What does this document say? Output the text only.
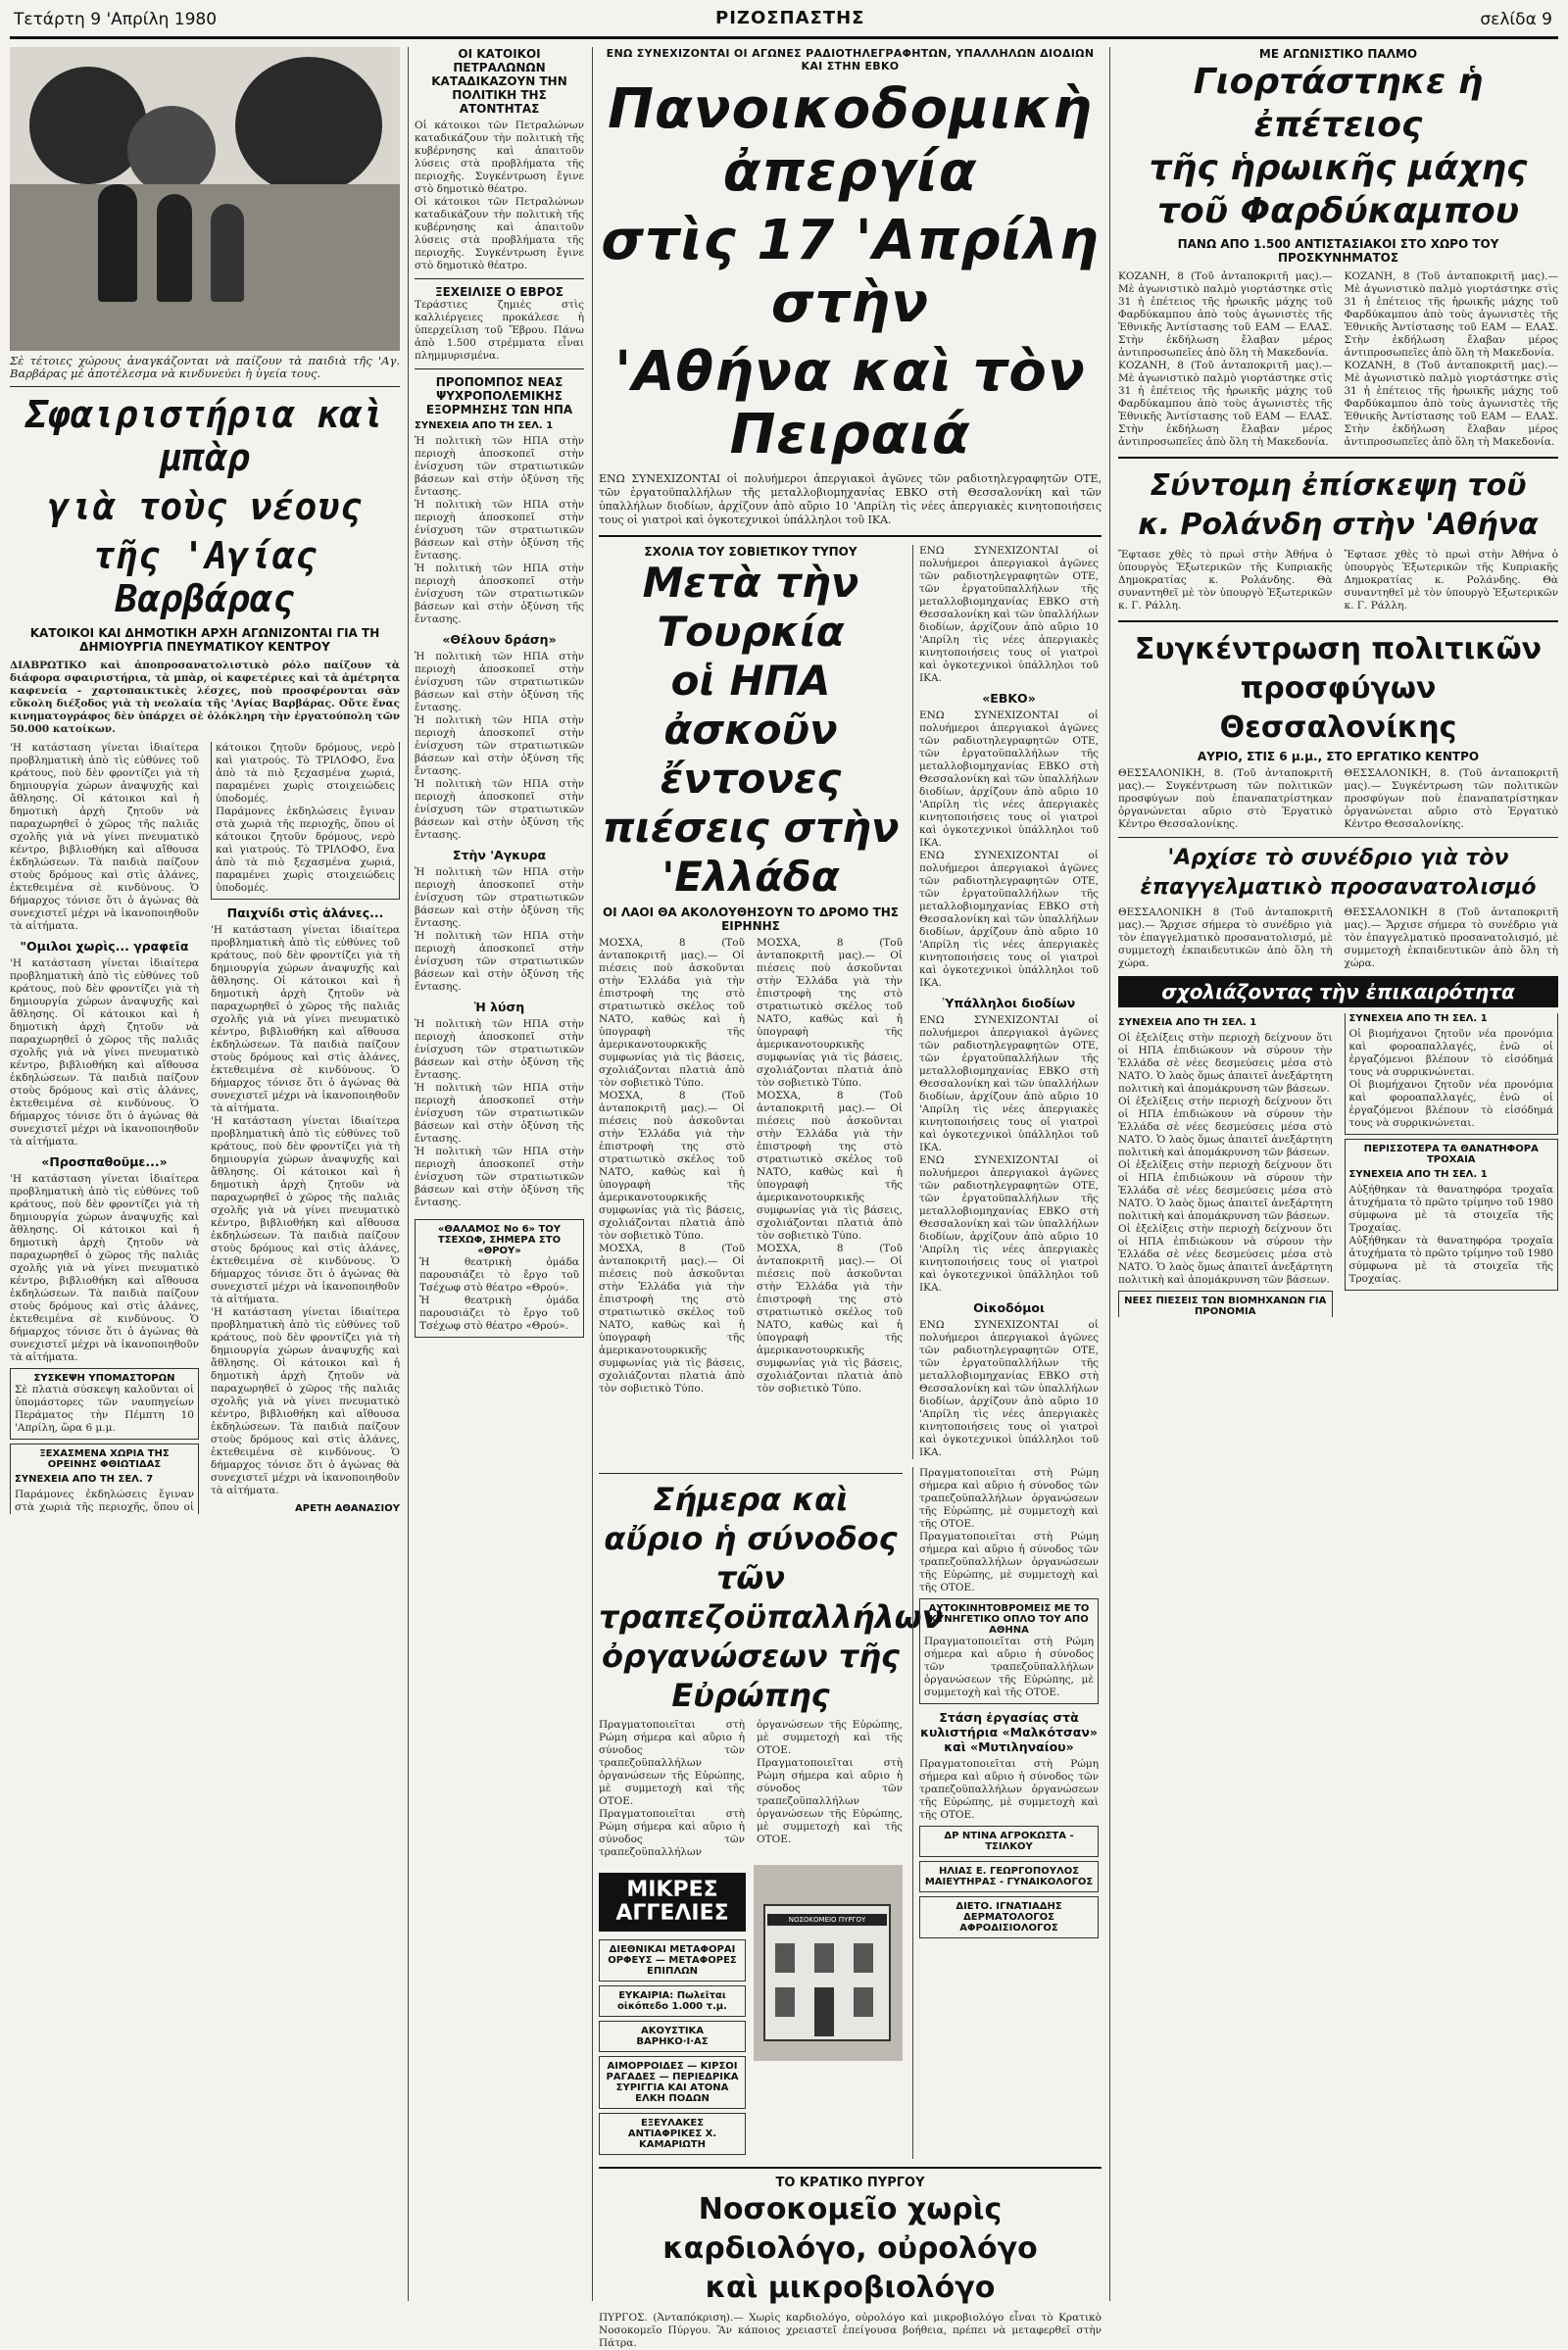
Τετάρτη 9 'Απρίλη 1980	ΡΙΖΟΣΠΑΣΤΗΣ	σελίδα 9
Σὲ τέτοιες χώρους ἀναγκάζονται νὰ παίζουν τὰ παιδιὰ τῆς 'Αγ. Βαρβάρας μὲ ἀποτέλεσμα νὰ κινδυνεύει ἡ ὑγεία τους.
Σφαιριστήρια καὶ μπὰρ
γιὰ τοὺς νέους
τῆς 'Αγίας Βαρβάρας
ΚΑΤΟΙΚΟΙ ΚΑΙ ΔΗΜΟΤΙΚΗ ΑΡΧΗ ΑΓΩΝΙΖΟΝΤΑΙ ΓΙΑ ΤΗ ΔΗΜΙΟΥΡΓΙΑ ΠΝΕΥΜΑΤΙΚΟΥ ΚΕΝΤΡΟΥ
ΔΙΑΒΡΩΤΙΚΟ καὶ ἀποπροσανατολιστικὸ ρόλο παίζουν τὰ διάφορα σφαιριστήρια, τὰ μπὰρ, οἱ καφετέριες καὶ τὰ ἀμέτρητα καφενεία - χαρτοπαικτικὲς λέσχες, ποὺ προσφέρονται σὰν εὔκολη διέξοδος γιὰ τὴ νεολαία τῆς 'Αγίας Βαρβάρας. Οὔτε ἕνας κινηματογράφος δὲν ὑπάρχει σὲ ὁλόκληρη τὴν ἐργατούπολη τῶν 50.000 κατοίκων.
'Η κατάσταση γίνεται ἰδιαίτερα προβληματικὴ ἀπὸ τὶς εὐθύνες τοῦ κράτους, ποὺ δὲν φροντίζει γιὰ τὴ δημιουργία χώρων ἀναψυχῆς καὶ ἄθλησης. Οἱ κάτοικοι καὶ ἡ δημοτικὴ ἀρχὴ ζητοῦν νὰ παραχωρηθεῖ ὁ χῶρος τῆς παλιᾶς σχολῆς γιὰ νὰ γίνει πνευματικὸ κέντρο, βιβλιοθήκη καὶ αἴθουσα ἐκδηλώσεων. Τὰ παιδιὰ παίζουν στοὺς δρόμους καὶ στὶς ἀλάνες, ἐκτεθειμένα σὲ κινδύνους. Ὁ δήμαρχος τόνισε ὅτι ὁ ἀγώνας θὰ συνεχιστεῖ μέχρι νὰ ἱκανοποιηθοῦν τὰ αἰτήματα.
"Ομιλοι χωρὶς... γραφεῖα
'Η κατάσταση γίνεται ἰδιαίτερα προβληματικὴ ἀπὸ τὶς εὐθύνες τοῦ κράτους, ποὺ δὲν φροντίζει γιὰ τὴ δημιουργία χώρων ἀναψυχῆς καὶ ἄθλησης. Οἱ κάτοικοι καὶ ἡ δημοτικὴ ἀρχὴ ζητοῦν νὰ παραχωρηθεῖ ὁ χῶρος τῆς παλιᾶς σχολῆς γιὰ νὰ γίνει πνευματικὸ κέντρο, βιβλιοθήκη καὶ αἴθουσα ἐκδηλώσεων. Τὰ παιδιὰ παίζουν στοὺς δρόμους καὶ στὶς ἀλάνες, ἐκτεθειμένα σὲ κινδύνους. Ὁ δήμαρχος τόνισε ὅτι ὁ ἀγώνας θὰ συνεχιστεῖ μέχρι νὰ ἱκανοποιηθοῦν τὰ αἰτήματα.
«Προσπαθοῦμε...»
'Η κατάσταση γίνεται ἰδιαίτερα προβληματικὴ ἀπὸ τὶς εὐθύνες τοῦ κράτους, ποὺ δὲν φροντίζει γιὰ τὴ δημιουργία χώρων ἀναψυχῆς καὶ ἄθλησης. Οἱ κάτοικοι καὶ ἡ δημοτικὴ ἀρχὴ ζητοῦν νὰ παραχωρηθεῖ ὁ χῶρος τῆς παλιᾶς σχολῆς γιὰ νὰ γίνει πνευματικὸ κέντρο, βιβλιοθήκη καὶ αἴθουσα ἐκδηλώσεων. Τὰ παιδιὰ παίζουν στοὺς δρόμους καὶ στὶς ἀλάνες, ἐκτεθειμένα σὲ κινδύνους. Ὁ δήμαρχος τόνισε ὅτι ὁ ἀγώνας θὰ συνεχιστεῖ μέχρι νὰ ἱκανοποιηθοῦν τὰ αἰτήματα.
ΣΥΣΚΕΨΗ ΥΠΟΜΑΣΤΟΡΩΝ
Σὲ πλατιὰ σύσκεψη καλοῦνται οἱ ὑπομάστορες τῶν ναυπηγείων Περάματος τὴν Πέμπτη 10 'Απρίλη, ὥρα 6 μ.μ.
ΞΕΧΑΣΜΕΝΑ ΧΩΡΙΑ ΤΗΣ ΟΡΕΙΝΗΣ ΦΘΙΩΤΙΔΑΣ
ΣΥΝΕΧΕΙΑ ΑΠΟ ΤΗ ΣΕΛ. 7
Παράμονες ἐκδηλώσεις ἔγιναν στὰ χωριὰ τῆς περιοχῆς, ὅπου οἱ κάτοικοι ζητοῦν δρόμους, νερὸ καὶ γιατρούς. Τὸ ΤΡΙΛΟΦΟ, ἕνα ἀπὸ τὰ πιὸ ξεχασμένα χωριά, παραμένει χωρὶς στοιχειώδεις ὑποδομές.
Παράμονες ἐκδηλώσεις ἔγιναν στὰ χωριὰ τῆς περιοχῆς, ὅπου οἱ κάτοικοι ζητοῦν δρόμους, νερὸ καὶ γιατρούς. Τὸ ΤΡΙΛΟΦΟ, ἕνα ἀπὸ τὰ πιὸ ξεχασμένα χωριά, παραμένει χωρὶς στοιχειώδεις ὑποδομές.
Παιχνίδι στὶς ἀλάνες...
'Η κατάσταση γίνεται ἰδιαίτερα προβληματικὴ ἀπὸ τὶς εὐθύνες τοῦ κράτους, ποὺ δὲν φροντίζει γιὰ τὴ δημιουργία χώρων ἀναψυχῆς καὶ ἄθλησης. Οἱ κάτοικοι καὶ ἡ δημοτικὴ ἀρχὴ ζητοῦν νὰ παραχωρηθεῖ ὁ χῶρος τῆς παλιᾶς σχολῆς γιὰ νὰ γίνει πνευματικὸ κέντρο, βιβλιοθήκη καὶ αἴθουσα ἐκδηλώσεων. Τὰ παιδιὰ παίζουν στοὺς δρόμους καὶ στὶς ἀλάνες, ἐκτεθειμένα σὲ κινδύνους. Ὁ δήμαρχος τόνισε ὅτι ὁ ἀγώνας θὰ συνεχιστεῖ μέχρι νὰ ἱκανοποιηθοῦν τὰ αἰτήματα.
'Η κατάσταση γίνεται ἰδιαίτερα προβληματικὴ ἀπὸ τὶς εὐθύνες τοῦ κράτους, ποὺ δὲν φροντίζει γιὰ τὴ δημιουργία χώρων ἀναψυχῆς καὶ ἄθλησης. Οἱ κάτοικοι καὶ ἡ δημοτικὴ ἀρχὴ ζητοῦν νὰ παραχωρηθεῖ ὁ χῶρος τῆς παλιᾶς σχολῆς γιὰ νὰ γίνει πνευματικὸ κέντρο, βιβλιοθήκη καὶ αἴθουσα ἐκδηλώσεων. Τὰ παιδιὰ παίζουν στοὺς δρόμους καὶ στὶς ἀλάνες, ἐκτεθειμένα σὲ κινδύνους. Ὁ δήμαρχος τόνισε ὅτι ὁ ἀγώνας θὰ συνεχιστεῖ μέχρι νὰ ἱκανοποιηθοῦν τὰ αἰτήματα.
'Η κατάσταση γίνεται ἰδιαίτερα προβληματικὴ ἀπὸ τὶς εὐθύνες τοῦ κράτους, ποὺ δὲν φροντίζει γιὰ τὴ δημιουργία χώρων ἀναψυχῆς καὶ ἄθλησης. Οἱ κάτοικοι καὶ ἡ δημοτικὴ ἀρχὴ ζητοῦν νὰ παραχωρηθεῖ ὁ χῶρος τῆς παλιᾶς σχολῆς γιὰ νὰ γίνει πνευματικὸ κέντρο, βιβλιοθήκη καὶ αἴθουσα ἐκδηλώσεων. Τὰ παιδιὰ παίζουν στοὺς δρόμους καὶ στὶς ἀλάνες, ἐκτεθειμένα σὲ κινδύνους. Ὁ δήμαρχος τόνισε ὅτι ὁ ἀγώνας θὰ συνεχιστεῖ μέχρι νὰ ἱκανοποιηθοῦν τὰ αἰτήματα.
ΑΡΕΤΗ ΑΘΑΝΑΣΙΟΥ
ΟΙ ΚΑΤΟΙΚΟΙ ΠΕΤΡΑΛΩΝΩΝ ΚΑΤΑΔΙΚΑΖΟΥΝ ΤΗΝ ΠΟΛΙΤΙΚΗ ΤΗΣ ΑΤΟΝΤΗΤΑΣ
Οἱ κάτοικοι τῶν Πετραλώνων καταδικάζουν τὴν πολιτικὴ τῆς κυβέρνησης καὶ ἀπαιτοῦν λύσεις στὰ προβλήματα τῆς περιοχῆς. Συγκέντρωση ἔγινε στὸ δημοτικὸ θέατρο.
Οἱ κάτοικοι τῶν Πετραλώνων καταδικάζουν τὴν πολιτικὴ τῆς κυβέρνησης καὶ ἀπαιτοῦν λύσεις στὰ προβλήματα τῆς περιοχῆς. Συγκέντρωση ἔγινε στὸ δημοτικὸ θέατρο.
ΞΕΧΕΙΛΙΣΕ Ο ΕΒΡΟΣ
Τεράστιες ζημιὲς στὶς καλλιέργειες προκάλεσε ἡ ὑπερχείλιση τοῦ Ἔβρου. Πάνω ἀπὸ 1.500 στρέμματα εἶναι πλημμυρισμένα.
ΠΡΟΠΟΜΠΟΣ ΝΕΑΣ ΨΥΧΡΟΠΟΛΕΜΙΚΗΣ ΕΞΟΡΜΗΣΗΣ ΤΩΝ ΗΠΑ
ΣΥΝΕΧΕΙΑ ΑΠΟ ΤΗ ΣΕΛ. 1
Ἡ πολιτικὴ τῶν ΗΠΑ στὴν περιοχὴ ἀποσκοπεῖ στὴν ἐνίσχυση τῶν στρατιωτικῶν βάσεων καὶ στὴν ὀξύνση τῆς ἔντασης.
Ἡ πολιτικὴ τῶν ΗΠΑ στὴν περιοχὴ ἀποσκοπεῖ στὴν ἐνίσχυση τῶν στρατιωτικῶν βάσεων καὶ στὴν ὀξύνση τῆς ἔντασης.
Ἡ πολιτικὴ τῶν ΗΠΑ στὴν περιοχὴ ἀποσκοπεῖ στὴν ἐνίσχυση τῶν στρατιωτικῶν βάσεων καὶ στὴν ὀξύνση τῆς ἔντασης.
«Θέλουν δράση»
Ἡ πολιτικὴ τῶν ΗΠΑ στὴν περιοχὴ ἀποσκοπεῖ στὴν ἐνίσχυση τῶν στρατιωτικῶν βάσεων καὶ στὴν ὀξύνση τῆς ἔντασης.
Ἡ πολιτικὴ τῶν ΗΠΑ στὴν περιοχὴ ἀποσκοπεῖ στὴν ἐνίσχυση τῶν στρατιωτικῶν βάσεων καὶ στὴν ὀξύνση τῆς ἔντασης.
Ἡ πολιτικὴ τῶν ΗΠΑ στὴν περιοχὴ ἀποσκοπεῖ στὴν ἐνίσχυση τῶν στρατιωτικῶν βάσεων καὶ στὴν ὀξύνση τῆς ἔντασης.
Στὴν 'Αγκυρα
Ἡ πολιτικὴ τῶν ΗΠΑ στὴν περιοχὴ ἀποσκοπεῖ στὴν ἐνίσχυση τῶν στρατιωτικῶν βάσεων καὶ στὴν ὀξύνση τῆς ἔντασης.
Ἡ πολιτικὴ τῶν ΗΠΑ στὴν περιοχὴ ἀποσκοπεῖ στὴν ἐνίσχυση τῶν στρατιωτικῶν βάσεων καὶ στὴν ὀξύνση τῆς ἔντασης.
Ἡ λύση
Ἡ πολιτικὴ τῶν ΗΠΑ στὴν περιοχὴ ἀποσκοπεῖ στὴν ἐνίσχυση τῶν στρατιωτικῶν βάσεων καὶ στὴν ὀξύνση τῆς ἔντασης.
Ἡ πολιτικὴ τῶν ΗΠΑ στὴν περιοχὴ ἀποσκοπεῖ στὴν ἐνίσχυση τῶν στρατιωτικῶν βάσεων καὶ στὴν ὀξύνση τῆς ἔντασης.
Ἡ πολιτικὴ τῶν ΗΠΑ στὴν περιοχὴ ἀποσκοπεῖ στὴν ἐνίσχυση τῶν στρατιωτικῶν βάσεων καὶ στὴν ὀξύνση τῆς ἔντασης.
«ΘΑΛΑΜΟΣ Νο 6» ΤΟΥ ΤΣΕΧΩΦ, ΣΗΜΕΡΑ ΣΤΟ «ΘΡΟΥ»
Ἡ θεατρικὴ ὁμάδα παρουσιάζει τὸ ἔργο τοῦ Τσέχωφ στὸ θέατρο «Θρού».
Ἡ θεατρικὴ ὁμάδα παρουσιάζει τὸ ἔργο τοῦ Τσέχωφ στὸ θέατρο «Θρού».
ΕΝΩ ΣΥΝΕΧΙΖΟΝΤΑΙ ΟΙ ΑΓΩΝΕΣ ΡΑΔΙΟΤΗΛΕΓΡΑΦΗΤΩΝ, ΥΠΑΛΛΗΛΩΝ ΔΙΟΔΙΩΝ ΚΑΙ ΣΤΗΝ ΕΒΚΟ
Πανοικοδομικὴ ἀπεργία
στὶς 17 'Απρίλη στὴν
'Αθήνα καὶ τὸν Πειραιά
ΕΝΩ ΣΥΝΕΧΙΖΟΝΤΑΙ οἱ πολυήμεροι ἀπεργιακοὶ ἀγῶνες τῶν ραδιοτηλεγραφητῶν ΟΤΕ, τῶν ἐργατοϋπαλλήλων τῆς μεταλλοβιομηχανίας ΕΒΚΟ στὴ Θεσσαλονίκη καὶ τῶν ὑπαλλήλων διοδίων, ἀρχίζουν ἀπὸ αὔριο 10 'Απρίλη τὶς νέες ἀπεργιακὲς κινητοποιήσεις τους οἱ γιατροὶ καὶ ὀγκοτεχνικοὶ ὑπάλληλοι τοῦ ΙΚΑ.
ΣΧΟΛΙΑ ΤΟΥ ΣΟΒΙΕΤΙΚΟΥ ΤΥΠΟΥ
Μετὰ τὴν Τουρκία
οἱ ΗΠΑ ἀσκοῦν ἔντονες
πιέσεις στὴν 'Ελλάδα
ΟΙ ΛΑΟΙ ΘΑ ΑΚΟΛΟΥΘΗΣΟΥΝ ΤΟ ΔΡΟΜΟ ΤΗΣ ΕΙΡΗΝΗΣ
ΜΟΣΧΑ, 8 (Τοῦ ἀνταποκριτῆ μας).— Οἱ πιέσεις ποὺ ἀσκοῦνται στὴν Ἑλλάδα γιὰ τὴν ἐπιστροφὴ της στὸ στρατιωτικὸ σκέλος τοῦ ΝΑΤΟ, καθὼς καὶ ἡ ὑπογραφὴ τῆς ἀμερικανοτουρκικῆς συμφωνίας γιὰ τὶς βάσεις, σχολιάζονται πλατιὰ ἀπὸ τὸν σοβιετικὸ Τύπο.
ΜΟΣΧΑ, 8 (Τοῦ ἀνταποκριτῆ μας).— Οἱ πιέσεις ποὺ ἀσκοῦνται στὴν Ἑλλάδα γιὰ τὴν ἐπιστροφὴ της στὸ στρατιωτικὸ σκέλος τοῦ ΝΑΤΟ, καθὼς καὶ ἡ ὑπογραφὴ τῆς ἀμερικανοτουρκικῆς συμφωνίας γιὰ τὶς βάσεις, σχολιάζονται πλατιὰ ἀπὸ τὸν σοβιετικὸ Τύπο.
ΜΟΣΧΑ, 8 (Τοῦ ἀνταποκριτῆ μας).— Οἱ πιέσεις ποὺ ἀσκοῦνται στὴν Ἑλλάδα γιὰ τὴν ἐπιστροφὴ της στὸ στρατιωτικὸ σκέλος τοῦ ΝΑΤΟ, καθὼς καὶ ἡ ὑπογραφὴ τῆς ἀμερικανοτουρκικῆς συμφωνίας γιὰ τὶς βάσεις, σχολιάζονται πλατιὰ ἀπὸ τὸν σοβιετικὸ Τύπο.
ΜΟΣΧΑ, 8 (Τοῦ ἀνταποκριτῆ μας).— Οἱ πιέσεις ποὺ ἀσκοῦνται στὴν Ἑλλάδα γιὰ τὴν ἐπιστροφὴ της στὸ στρατιωτικὸ σκέλος τοῦ ΝΑΤΟ, καθὼς καὶ ἡ ὑπογραφὴ τῆς ἀμερικανοτουρκικῆς συμφωνίας γιὰ τὶς βάσεις, σχολιάζονται πλατιὰ ἀπὸ τὸν σοβιετικὸ Τύπο.
ΜΟΣΧΑ, 8 (Τοῦ ἀνταποκριτῆ μας).— Οἱ πιέσεις ποὺ ἀσκοῦνται στὴν Ἑλλάδα γιὰ τὴν ἐπιστροφὴ της στὸ στρατιωτικὸ σκέλος τοῦ ΝΑΤΟ, καθὼς καὶ ἡ ὑπογραφὴ τῆς ἀμερικανοτουρκικῆς συμφωνίας γιὰ τὶς βάσεις, σχολιάζονται πλατιὰ ἀπὸ τὸν σοβιετικὸ Τύπο.
ΜΟΣΧΑ, 8 (Τοῦ ἀνταποκριτῆ μας).— Οἱ πιέσεις ποὺ ἀσκοῦνται στὴν Ἑλλάδα γιὰ τὴν ἐπιστροφὴ της στὸ στρατιωτικὸ σκέλος τοῦ ΝΑΤΟ, καθὼς καὶ ἡ ὑπογραφὴ τῆς ἀμερικανοτουρκικῆς συμφωνίας γιὰ τὶς βάσεις, σχολιάζονται πλατιὰ ἀπὸ τὸν σοβιετικὸ Τύπο.
ΕΝΩ ΣΥΝΕΧΙΖΟΝΤΑΙ οἱ πολυήμεροι ἀπεργιακοὶ ἀγῶνες τῶν ραδιοτηλεγραφητῶν ΟΤΕ, τῶν ἐργατοϋπαλλήλων τῆς μεταλλοβιομηχανίας ΕΒΚΟ στὴ Θεσσαλονίκη καὶ τῶν ὑπαλλήλων διοδίων, ἀρχίζουν ἀπὸ αὔριο 10 'Απρίλη τὶς νέες ἀπεργιακὲς κινητοποιήσεις τους οἱ γιατροὶ καὶ ὀγκοτεχνικοὶ ὑπάλληλοι τοῦ ΙΚΑ.
«ΕΒΚΟ»
ΕΝΩ ΣΥΝΕΧΙΖΟΝΤΑΙ οἱ πολυήμεροι ἀπεργιακοὶ ἀγῶνες τῶν ραδιοτηλεγραφητῶν ΟΤΕ, τῶν ἐργατοϋπαλλήλων τῆς μεταλλοβιομηχανίας ΕΒΚΟ στὴ Θεσσαλονίκη καὶ τῶν ὑπαλλήλων διοδίων, ἀρχίζουν ἀπὸ αὔριο 10 'Απρίλη τὶς νέες ἀπεργιακὲς κινητοποιήσεις τους οἱ γιατροὶ καὶ ὀγκοτεχνικοὶ ὑπάλληλοι τοῦ ΙΚΑ.
ΕΝΩ ΣΥΝΕΧΙΖΟΝΤΑΙ οἱ πολυήμεροι ἀπεργιακοὶ ἀγῶνες τῶν ραδιοτηλεγραφητῶν ΟΤΕ, τῶν ἐργατοϋπαλλήλων τῆς μεταλλοβιομηχανίας ΕΒΚΟ στὴ Θεσσαλονίκη καὶ τῶν ὑπαλλήλων διοδίων, ἀρχίζουν ἀπὸ αὔριο 10 'Απρίλη τὶς νέες ἀπεργιακὲς κινητοποιήσεις τους οἱ γιατροὶ καὶ ὀγκοτεχνικοὶ ὑπάλληλοι τοῦ ΙΚΑ.
Ὑπάλληλοι διοδίων
ΕΝΩ ΣΥΝΕΧΙΖΟΝΤΑΙ οἱ πολυήμεροι ἀπεργιακοὶ ἀγῶνες τῶν ραδιοτηλεγραφητῶν ΟΤΕ, τῶν ἐργατοϋπαλλήλων τῆς μεταλλοβιομηχανίας ΕΒΚΟ στὴ Θεσσαλονίκη καὶ τῶν ὑπαλλήλων διοδίων, ἀρχίζουν ἀπὸ αὔριο 10 'Απρίλη τὶς νέες ἀπεργιακὲς κινητοποιήσεις τους οἱ γιατροὶ καὶ ὀγκοτεχνικοὶ ὑπάλληλοι τοῦ ΙΚΑ.
ΕΝΩ ΣΥΝΕΧΙΖΟΝΤΑΙ οἱ πολυήμεροι ἀπεργιακοὶ ἀγῶνες τῶν ραδιοτηλεγραφητῶν ΟΤΕ, τῶν ἐργατοϋπαλλήλων τῆς μεταλλοβιομηχανίας ΕΒΚΟ στὴ Θεσσαλονίκη καὶ τῶν ὑπαλλήλων διοδίων, ἀρχίζουν ἀπὸ αὔριο 10 'Απρίλη τὶς νέες ἀπεργιακὲς κινητοποιήσεις τους οἱ γιατροὶ καὶ ὀγκοτεχνικοὶ ὑπάλληλοι τοῦ ΙΚΑ.
Οἰκοδόμοι
ΕΝΩ ΣΥΝΕΧΙΖΟΝΤΑΙ οἱ πολυήμεροι ἀπεργιακοὶ ἀγῶνες τῶν ραδιοτηλεγραφητῶν ΟΤΕ, τῶν ἐργατοϋπαλλήλων τῆς μεταλλοβιομηχανίας ΕΒΚΟ στὴ Θεσσαλονίκη καὶ τῶν ὑπαλλήλων διοδίων, ἀρχίζουν ἀπὸ αὔριο 10 'Απρίλη τὶς νέες ἀπεργιακὲς κινητοποιήσεις τους οἱ γιατροὶ καὶ ὀγκοτεχνικοὶ ὑπάλληλοι τοῦ ΙΚΑ.
Σήμερα καὶ αὔριο ἡ σύνοδος
τῶν τραπεζοϋπαλλήλων
ὀργανώσεων τῆς Εὐρώπης
Πραγματοποιεῖται στὴ Ρώμη σήμερα καὶ αὔριο ἡ σύνοδος τῶν τραπεζοϋπαλλήλων ὀργανώσεων τῆς Εὐρώπης, μὲ συμμετοχὴ καὶ τῆς ΟΤΟΕ.
Πραγματοποιεῖται στὴ Ρώμη σήμερα καὶ αὔριο ἡ σύνοδος τῶν τραπεζοϋπαλλήλων ὀργανώσεων τῆς Εὐρώπης, μὲ συμμετοχὴ καὶ τῆς ΟΤΟΕ.
Πραγματοποιεῖται στὴ Ρώμη σήμερα καὶ αὔριο ἡ σύνοδος τῶν τραπεζοϋπαλλήλων ὀργανώσεων τῆς Εὐρώπης, μὲ συμμετοχὴ καὶ τῆς ΟΤΟΕ.
ΜΙΚΡΕΣ ΑΓΓΕΛΙΕΣ
ΔΙΕΘΝΙΚΑΙ ΜΕΤΑΦΟΡΑΙ ΟΡΦΕΥΣ — ΜΕΤΑΦΟΡΕΣ ΕΠΙΠΛΩΝ
ΕΥΚΑΙΡΙΑ: Πωλεῖται οἰκόπεδο 1.000 τ.μ.
ΑΚΟΥΣΤΙΚΑ ΒΑΡΗΚΟ·Ι·ΑΣ
ΑΙΜΟΡΡΟΙΔΕΣ — ΚΙΡΣΟΙ ΡΑΓΑΔΕΣ — ΠΕΡΙΕΔΡΙΚΑ ΣΥΡΙΓΓΙΑ ΚΑΙ ΑΤΟΝΑ ΕΛΚΗ ΠΟΔΩΝ
ΕΞΕΥΛΑΚΕΣ ΑΝΤΙΑΦΡΙΚΕΣ Χ. ΚΑΜΑΡΙΩΤΗ
ΝΟΣΟΚΟΜΕΙΟ ΠΥΡΓΟΥ
Πραγματοποιεῖται στὴ Ρώμη σήμερα καὶ αὔριο ἡ σύνοδος τῶν τραπεζοϋπαλλήλων ὀργανώσεων τῆς Εὐρώπης, μὲ συμμετοχὴ καὶ τῆς ΟΤΟΕ.
Πραγματοποιεῖται στὴ Ρώμη σήμερα καὶ αὔριο ἡ σύνοδος τῶν τραπεζοϋπαλλήλων ὀργανώσεων τῆς Εὐρώπης, μὲ συμμετοχὴ καὶ τῆς ΟΤΟΕ.
ΑΥΤΟΚΙΝΗΤΟΒΡΟΜΕΙΣ ΜΕ ΤΟ ΚΥΝΗΓΕΤΙΚΟ ΟΠΛΟ ΤΟΥ ΑΠΟ ΑΘΗΝΑ
Πραγματοποιεῖται στὴ Ρώμη σήμερα καὶ αὔριο ἡ σύνοδος τῶν τραπεζοϋπαλλήλων ὀργανώσεων τῆς Εὐρώπης, μὲ συμμετοχὴ καὶ τῆς ΟΤΟΕ.
Στάση ἐργασίας στὰ κυλιστήρια «Μαλκότσαν» καὶ «Μυτιληναίου»
Πραγματοποιεῖται στὴ Ρώμη σήμερα καὶ αὔριο ἡ σύνοδος τῶν τραπεζοϋπαλλήλων ὀργανώσεων τῆς Εὐρώπης, μὲ συμμετοχὴ καὶ τῆς ΟΤΟΕ.
ΔΡ ΝΤΙΝΑ ΑΓΡΟΚΩΣΤΑ - ΤΣΙΛΚΟΥ
ΗΛΙΑΣ Ε. ΓΕΩΡΓΟΠΟΥΛΟΣ ΜΑΙΕΥΤΗΡΑΣ - ΓΥΝΑΙΚΟΛΟΓΟΣ
ΔΙΕΤΟ. ΙΓΝΑΤΙΑΔΗΣ ΔΕΡΜΑΤΟΛΟΓΟΣ ΑΦΡΟΔΙΣΙΟΛΟΓΟΣ
ΤΟ ΚΡΑΤΙΚΟ ΠΥΡΓΟΥ
Νοσοκομεῖο χωρὶς
καρδιολόγο, οὐρολόγο
καὶ μικροβιολόγο
ΠΥΡΓΟΣ. (Ἀνταπόκριση).— Χωρὶς καρδιολόγο, οὐρολόγο καὶ μικροβιολόγο εἶναι τὸ Κρατικὸ Νοσοκομεῖο Πύργου. Ἂν κάποιος χρειαστεῖ ἐπείγουσα βοήθεια, πρέπει νὰ μεταφερθεῖ στὴν Πάτρα.
ΜΕ ΑΓΩΝΙΣΤΙΚΟ ΠΑΛΜΟ
Γιορτάστηκε ἡ ἐπέτειος
τῆς ἡρωικῆς μάχης
τοῦ Φαρδύκαμπου
ΠΑΝΩ ΑΠΟ 1.500 ΑΝΤΙΣΤΑΣΙΑΚΟΙ ΣΤΟ ΧΩΡΟ ΤΟΥ ΠΡΟΣΚΥΝΗΜΑΤΟΣ
ΚΟΖΑΝΗ, 8 (Τοῦ ἀνταποκριτῆ μας).— Μὲ ἀγωνιστικὸ παλμὸ γιορτάστηκε στὶς 31 ἡ ἐπέτειος τῆς ἡρωικῆς μάχης τοῦ Φαρδύκαμπου ἀπὸ τοὺς ἀγωνιστὲς τῆς Ἐθνικῆς Ἀντίστασης τοῦ ΕΑΜ — ΕΛΑΣ. Στὴν ἐκδήλωση ἔλαβαν μέρος ἀντιπροσωπεῖες ἀπὸ ὅλη τὴ Μακεδονία.
ΚΟΖΑΝΗ, 8 (Τοῦ ἀνταποκριτῆ μας).— Μὲ ἀγωνιστικὸ παλμὸ γιορτάστηκε στὶς 31 ἡ ἐπέτειος τῆς ἡρωικῆς μάχης τοῦ Φαρδύκαμπου ἀπὸ τοὺς ἀγωνιστὲς τῆς Ἐθνικῆς Ἀντίστασης τοῦ ΕΑΜ — ΕΛΑΣ. Στὴν ἐκδήλωση ἔλαβαν μέρος ἀντιπροσωπεῖες ἀπὸ ὅλη τὴ Μακεδονία.
ΚΟΖΑΝΗ, 8 (Τοῦ ἀνταποκριτῆ μας).— Μὲ ἀγωνιστικὸ παλμὸ γιορτάστηκε στὶς 31 ἡ ἐπέτειος τῆς ἡρωικῆς μάχης τοῦ Φαρδύκαμπου ἀπὸ τοὺς ἀγωνιστὲς τῆς Ἐθνικῆς Ἀντίστασης τοῦ ΕΑΜ — ΕΛΑΣ. Στὴν ἐκδήλωση ἔλαβαν μέρος ἀντιπροσωπεῖες ἀπὸ ὅλη τὴ Μακεδονία.
ΚΟΖΑΝΗ, 8 (Τοῦ ἀνταποκριτῆ μας).— Μὲ ἀγωνιστικὸ παλμὸ γιορτάστηκε στὶς 31 ἡ ἐπέτειος τῆς ἡρωικῆς μάχης τοῦ Φαρδύκαμπου ἀπὸ τοὺς ἀγωνιστὲς τῆς Ἐθνικῆς Ἀντίστασης τοῦ ΕΑΜ — ΕΛΑΣ. Στὴν ἐκδήλωση ἔλαβαν μέρος ἀντιπροσωπεῖες ἀπὸ ὅλη τὴ Μακεδονία.
Σύντομη ἐπίσκεψη τοῦ
κ. Ρολάνδη στὴν 'Αθήνα
Ἔφτασε χθὲς τὸ πρωὶ στὴν Ἀθήνα ὁ ὑπουργὸς Ἐξωτερικῶν τῆς Κυπριακῆς Δημοκρατίας κ. Ρολάνδης. Θὰ συναντηθεῖ μὲ τὸν ὑπουργὸ Ἐξωτερικῶν κ. Γ. Ράλλη.
Ἔφτασε χθὲς τὸ πρωὶ στὴν Ἀθήνα ὁ ὑπουργὸς Ἐξωτερικῶν τῆς Κυπριακῆς Δημοκρατίας κ. Ρολάνδης. Θὰ συναντηθεῖ μὲ τὸν ὑπουργὸ Ἐξωτερικῶν κ. Γ. Ράλλη.
Συγκέντρωση πολιτικῶν
προσφύγων Θεσσαλονίκης
ΑΥΡΙΟ, ΣΤΙΣ 6 μ.μ., ΣΤΟ ΕΡΓΑΤΙΚΟ ΚΕΝΤΡΟ
ΘΕΣΣΑΛΟΝΙΚΗ, 8. (Τοῦ ἀνταποκριτῆ μας).— Συγκέντρωση τῶν πολιτικῶν προσφύγων ποὺ ἐπαναπατρίστηκαν ὀργανώνεται αὔριο στὸ Ἐργατικὸ Κέντρο Θεσσαλονίκης.
ΘΕΣΣΑΛΟΝΙΚΗ, 8. (Τοῦ ἀνταποκριτῆ μας).— Συγκέντρωση τῶν πολιτικῶν προσφύγων ποὺ ἐπαναπατρίστηκαν ὀργανώνεται αὔριο στὸ Ἐργατικὸ Κέντρο Θεσσαλονίκης.
'Αρχίσε τὸ συνέδριο γιὰ τὸν
ἐπαγγελματικὸ προσανατολισμό
ΘΕΣΣΑΛΟΝΙΚΗ 8 (Τοῦ ἀνταποκριτῆ μας).— Ἄρχισε σήμερα τὸ συνέδριο γιὰ τὸν ἐπαγγελματικὸ προσανατολισμό, μὲ συμμετοχὴ ἐκπαιδευτικῶν ἀπὸ ὅλη τὴ χώρα.
ΘΕΣΣΑΛΟΝΙΚΗ 8 (Τοῦ ἀνταποκριτῆ μας).— Ἄρχισε σήμερα τὸ συνέδριο γιὰ τὸν ἐπαγγελματικὸ προσανατολισμό, μὲ συμμετοχὴ ἐκπαιδευτικῶν ἀπὸ ὅλη τὴ χώρα.
σχολιάζοντας τὴν ἐπικαιρότητα
ΣΥΝΕΧΕΙΑ ΑΠΟ ΤΗ ΣΕΛ. 1
Οἱ ἐξελίξεις στὴν περιοχὴ δείχνουν ὅτι οἱ ΗΠΑ ἐπιδιώκουν νὰ σύρουν τὴν Ἑλλάδα σὲ νέες δεσμεύσεις μέσα στὸ ΝΑΤΟ. Ὁ λαὸς ὅμως ἀπαιτεῖ ἀνεξάρτητη πολιτικὴ καὶ ἀπομάκρυνση τῶν βάσεων.
Οἱ ἐξελίξεις στὴν περιοχὴ δείχνουν ὅτι οἱ ΗΠΑ ἐπιδιώκουν νὰ σύρουν τὴν Ἑλλάδα σὲ νέες δεσμεύσεις μέσα στὸ ΝΑΤΟ. Ὁ λαὸς ὅμως ἀπαιτεῖ ἀνεξάρτητη πολιτικὴ καὶ ἀπομάκρυνση τῶν βάσεων.
Οἱ ἐξελίξεις στὴν περιοχὴ δείχνουν ὅτι οἱ ΗΠΑ ἐπιδιώκουν νὰ σύρουν τὴν Ἑλλάδα σὲ νέες δεσμεύσεις μέσα στὸ ΝΑΤΟ. Ὁ λαὸς ὅμως ἀπαιτεῖ ἀνεξάρτητη πολιτικὴ καὶ ἀπομάκρυνση τῶν βάσεων.
Οἱ ἐξελίξεις στὴν περιοχὴ δείχνουν ὅτι οἱ ΗΠΑ ἐπιδιώκουν νὰ σύρουν τὴν Ἑλλάδα σὲ νέες δεσμεύσεις μέσα στὸ ΝΑΤΟ. Ὁ λαὸς ὅμως ἀπαιτεῖ ἀνεξάρτητη πολιτικὴ καὶ ἀπομάκρυνση τῶν βάσεων.
ΝΕΕΣ ΠΙΕΣΕΙΣ ΤΩΝ ΒΙΟΜΗΧΑΝΩΝ ΓΙΑ ΠΡΟΝΟΜΙΑ
ΣΥΝΕΧΕΙΑ ΑΠΟ ΤΗ ΣΕΛ. 1
Οἱ βιομήχανοι ζητοῦν νέα προνόμια καὶ φοροαπαλλαγές, ἐνῶ οἱ ἐργαζόμενοι βλέπουν τὸ εἰσόδημά τους νὰ συρρικνώνεται.
Οἱ βιομήχανοι ζητοῦν νέα προνόμια καὶ φοροαπαλλαγές, ἐνῶ οἱ ἐργαζόμενοι βλέπουν τὸ εἰσόδημά τους νὰ συρρικνώνεται.
ΠΕΡΙΣΣΟΤΕΡΑ ΤΑ ΘΑΝΑΤΗΦΟΡΑ ΤΡΟΧΑΙΑ
ΣΥΝΕΧΕΙΑ ΑΠΟ ΤΗ ΣΕΛ. 1
Αὐξήθηκαν τὰ θανατηφόρα τροχαῖα ἀτυχήματα τὸ πρῶτο τρίμηνο τοῦ 1980 σύμφωνα μὲ τὰ στοιχεῖα τῆς Τροχαίας.
Αὐξήθηκαν τὰ θανατηφόρα τροχαῖα ἀτυχήματα τὸ πρῶτο τρίμηνο τοῦ 1980 σύμφωνα μὲ τὰ στοιχεῖα τῆς Τροχαίας.
